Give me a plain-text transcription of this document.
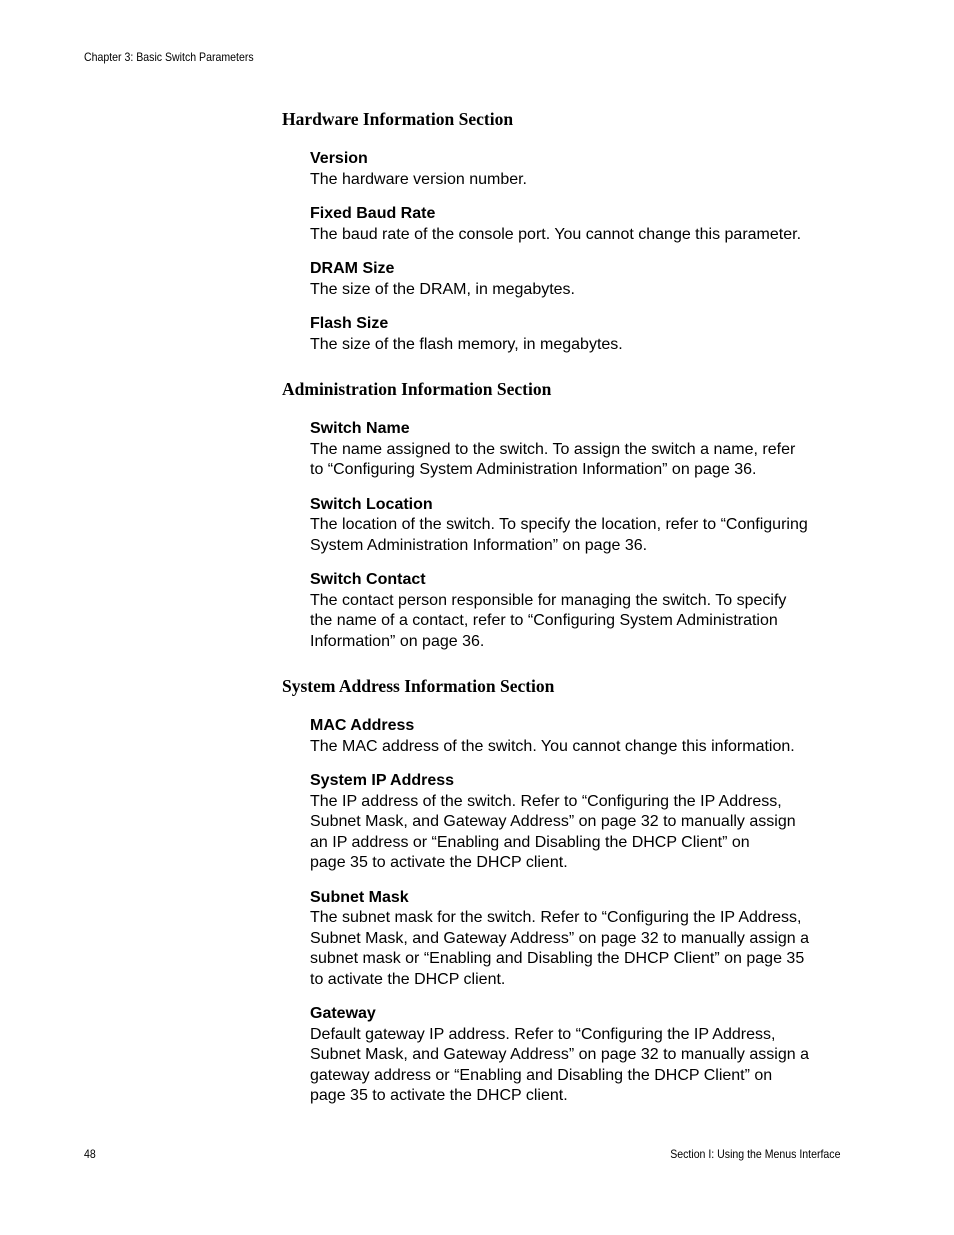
Chapter 3: Basic Switch Parameters
Hardware Information Section

Version

The hardware version number.

Fixed Baud Rate

The baud rate of the console port. You cannot change this parameter.

DRAM Size

The size of the DRAM, in megabytes.

Flash Size

The size of the flash memory, in megabytes.

Administration Information Section

Switch Name

The name assigned to the switch. To assign the switch a name, refer
to “Configuring System Administration Information” on page 36.

Switch Location

The location of the switch. To specify the location, refer to “Configuring
System Administration Information” on page 36.

Switch Contact

The contact person responsible for managing the switch. To specify
the name of a contact, refer to “Configuring System Administration
Information” on page 36.

System Address Information Section

MAC Address

The MAC address of the switch. You cannot change this information.

System IP Address

The IP address of the switch. Refer to “Configuring the IP Address,
Subnet Mask, and Gateway Address” on page 32 to manually assign
an IP address or “Enabling and Disabling the DHCP Client” on
page 35 to activate the DHCP client.

Subnet Mask

The subnet mask for the switch. Refer to “Configuring the IP Address,
Subnet Mask, and Gateway Address” on page 32 to manually assign a
subnet mask or “Enabling and Disabling the DHCP Client” on page 35
to activate the DHCP client.

Gateway

Default gateway IP address. Refer to “Configuring the IP Address,
Subnet Mask, and Gateway Address” on page 32 to manually assign a
gateway address or “Enabling and Disabling the DHCP Client” on
page 35 to activate the DHCP client.

48	Section I: Using the Menus Interface
